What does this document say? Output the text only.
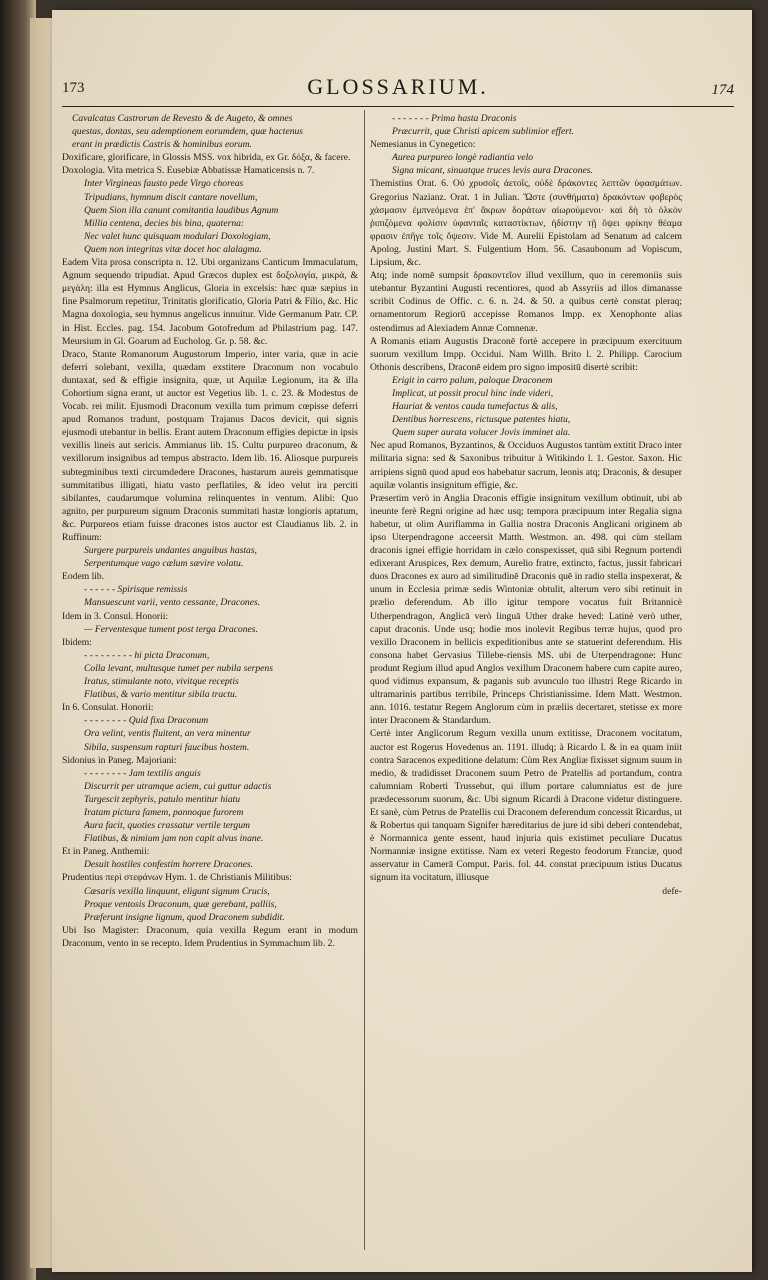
173	GLOSSARIUM.	174

Cavalcatas Castrorum de Revesto & de Augeto, & omnes

questas, dontas, seu ademptionem eorumdem, quæ hactenus

erant in prædictis Castris & hominibus eorum.

Doxificare, glorificare, in Glossis MSS. vox hibrida, ex Gr. δόξα, & facere.

Doxologia. Vita metrica S. Eusebiæ Abbatissæ Hamaticensis n. 7.

Inter Virgineas fausto pede Virgo choreas

Tripudians, hymnum discit cantare novellum,

Quem Sion illa canunt comitantia laudibus Agnum

Millia centena, decies bis bina, quaterna:

Nec valet hunc quisquam modulari Doxologiam,

Quem non integritas vitæ docet hoc alalagma.

Eadem Vita prosa conscripta n. 12. Ubi organizans Canticum Immaculatum, Agnum sequendo tripudiat. Apud Græcos duplex est δοξολογία, μικρά, & μεγάλη: illa est Hymnus Anglicus, Gloria in excelsis: hæc quæ sæpius in fine Psalmorum repetitur, Trinitatis glorificatio, Gloria Patri & Filio, &c. Hic Magna doxologia, seu hymnus angelicus innuitur. Vide Germanum Patr. CP. in Hist. Eccles. pag. 154. Jacobum Gotofredum ad Philastrium pag. 147. Meursium in Gl. Goarum ad Eucholog. Gr. p. 58. &c.

Draco, Stante Romanorum Augustorum Imperio, inter varia, quæ in acie deferri solebant, vexilla, quædam exstitere Draconum non vocabulo duntaxat, sed & effigie insignita, quæ, ut Aquilæ Legionum, ita & illa Cohortium signa erant, ut auctor est Vegetius lib. 1. c. 23. & Modestus de Vocab. rei milit. Ejusmodi Draconum vexilla tum primum cœpisse deferri apud Romanos tradunt, postquam Trajanus Dacos devicit, qui signis ejusmodi utebantur in bellis. Erant autem Draconum effigies depictæ in ipsis vexillis lineis aut sericis. Ammianus lib. 15. Cultu purpureo draconum, & vexillorum insignibus ad tempus abstracto. Idem lib. 16. Aliosque purpureis subtegminibus texti circumdedere Dracones, hastarum aureis gemmatisque summitatibus illigati, hiatu vasto perflatiles, & ideo velut ira perciti sibilantes, caudarumque volumina relinquentes in ventum. Alibi: Quo agnito, per purpureum signum Draconis summitati hastæ longioris aptatum, &c. Purpureos etiam fuisse dracones istos auctor est Claudianus lib. 2. in Ruffinum:

Surgere purpureis undantes anguibus hastas,

Serpentumque vago cælum sævire volatu.

Eodem lib.

- - - - - - Spirisque remissis

Mansuescunt varii, vento cessante, Dracones.

Idem in 3. Consul. Honorii:

— Ferventesque tument post terga Dracones.

Ibidem:

- - - - - - - - - hi picta Draconum,

Colla levant, multusque tumet per nubila serpens

Iratus, stimulante noto, vivitque receptis

Flatibus, & vario mentitur sibila tractu.

In 6. Consulat. Honorii:

- - - - - - - - Quid fixa Draconum

Ora velint, ventis fluitent, an vera minentur

Sibila, suspensum rapturi faucibus hostem.

Sidonius in Paneg. Majoriani:

- - - - - - - - Jam textilis anguis

Discurrit per utramque aciem, cui guttur adactis

Turgescit zephyris, patulo mentitur hiatu

Iratam pictura famem, pannoque furorem

Aura facit, quoties crassatur vertile tergum

Flatibus, & nimium jam non capit alvus inane.

Et in Paneg. Anthemii:

Desuit hostiles confestim horrere Dracones.

Prudentius περὶ στεφάνων Hym. 1. de Christianis Militibus:

Cæsaris vexilla linquunt, eligunt signum Crucis,

Proque ventosis Draconum, quæ gerebant, palliis,

Præferunt insigne lignum, quod Draconem subdidit.

Ubi Iso Magister: Draconum, quia vexilla Regum erant in modum Draconum, vento in se recepto. Idem Prudentius in Symmachum lib. 2.

- - - - - - - Prima hasta Draconis

Præcurrit, quæ Christi apicem sublimior effert.

Nemesianus in Cynegetico:

Aurea purpureo longè radiantia velo

Signa micant, sinuatque truces levis aura Dracones.

Themistius Orat. 6. Οὐ χρυσοῖς ἀετοῖς, οὐδὲ δράκοντες λεπτῶν ὑφασμάτων. Gregorius Nazianz. Orat. 1 in Julian. Ὥστε (συνθήματα) δρακόντων φοβερὸς χάσμασιν ἐμπνεόμενα ἐπ' ἄκρων δοράτων αἰωρούμενοι· καὶ δὴ τὸ ὁλκὸν ῥιπιζόμενα φολίσιν ὑφανταῖς καταστίκτων, ἡδίστην τῇ ὄψει φρίκην θέαμα φρασιν ἐπῆγε τοῖς ὄψεσιν. Vide M. Aurelii Epistolam ad Senatum ad calcem Apolog. Justini Mart. S. Fulgentium Hom. 56. Casaubonum ad Vopiscum, Lipsium, &c.

Atq; inde nomē sumpsit δρακοντεῖον illud vexillum, quo in ceremoniis suis utebantur Byzantini Augusti recentiores, quod ab Assyriis ad illos dimanasse scribit Codinus de Offic. c. 6. n. 24. & 50. a quibus certè constat pleraq; ornamentorum Regiorū accepisse Romanos Impp. ex Xenophonte alias ostendimus ad Alexiadem Annæ Comnenæ.

A Romanis etiam Augustis Draconē fortè accepere in præcipuum exercituum suorum vexillum Impp. Occidui. Nam Willh. Brito l. 2. Philipp. Carocium Othonis describens, Draconē eidem pro signo impositū disertè scribit:

Erigit in carro palum, paloque Draconem

Implicat, ut possit procul hinc inde videri,

Hauriat & ventos cauda tumefactus & alis,

Dentibus horrescens, rictusque patentes hiatu,

Quem super aurata volucer Jovis imminet ala.

Nec apud Romanos, Byzantinos, & Occiduos Augustos tantùm extitit Draco inter militaria signa: sed & Saxonibus tribuitur à Witikindo l. 1. Gestor. Saxon. Hic arripiens signū quod apud eos habebatur sacrum, leonis atq; Draconis, & desuper aquilæ volantis insignitum effigie, &c.

Præsertim verò in Anglia Draconis effigie insignitum vexillum obtinuit, ubi ab ineunte ferè Regni origine ad hæc usq; tempora præcipuum inter Regalia signa habetur, ut olim Auriflamma in Gallia nostra Draconis Anglicani originem ab ipso Uterpendragone acceersit Matth. Westmon. an. 498. qui cùm stellam draconis ignei effigie horridam in cælo conspexisset, quā sibi Regnum portendi edixerant Aruspices, Rex demum, Aurelio fratre, extincto, factus, jussit fabricari duos Dracones ex auro ad similitudinē Draconis quē in radio stella inspexerat, & unum in Ecclesia primæ sedis Wintoniæ obtulit, alterum vero sibi retinuit in prælio deferendum. Ab illo igitur tempore vocatus fuit Britannicè Utherpendragon, Anglicā verò linguā Uther drake heved: Latinè verò uther, caput draconis. Unde usq; hodie mos inolevit Regibus terræ hujus, quod pro vexillo Draconem in bellicis expeditionibus ante se statuerint deferendum. His consona habet Gervasius Tillebe-riensis MS. ubi de Uterpendragone: Hunc produnt Regium illud apud Anglos vexillum Draconem habere cum capite aureo, quod vidimus expansum, & paganis sub avunculo tuo illustri Rege Ricardo in ultramarinis partibus terribile, Princeps Christianissime. Idem Matt. Westmon. ann. 1016. testatur Regem Anglorum cùm in præliis decertaret, stetisse ex more inter Draconem & Standardum.

Certè inter Anglicorum Regum vexilla unum extitisse, Draconem vocitatum, auctor est Rogerus Hovedenus an. 1191. illudq; à Ricardo I. & in ea quam iniit contra Saracenos expeditione delatum: Cùm Rex Angliæ fixisset signum suum in medio, & tradidisset Draconem suum Petro de Pratellis ad portandum, contra calumniam Roberti Trussebut, qui illum portare calumniatus est de jure prædecessorum suorum, &c. Ubi signum Ricardi à Dracone videtur distinguere. Et sanè, cùm Petrus de Pratellis cui Draconem deferendum concessit Ricardus, ut & Robertus qui tanquam Signifer hæreditarius de jure id sibi deberi contendebat, è Normannica gente essent, haud injuria quis existimet peculiare Ducatus Normanniæ insigne extitisse. Nam ex veteri Regesto feodorum Franciæ, quod asservatur in Camerā Comput. Paris. fol. 44. constat præcipuum istius Ducatus signum ita vocitatum, illiusque

defe-
